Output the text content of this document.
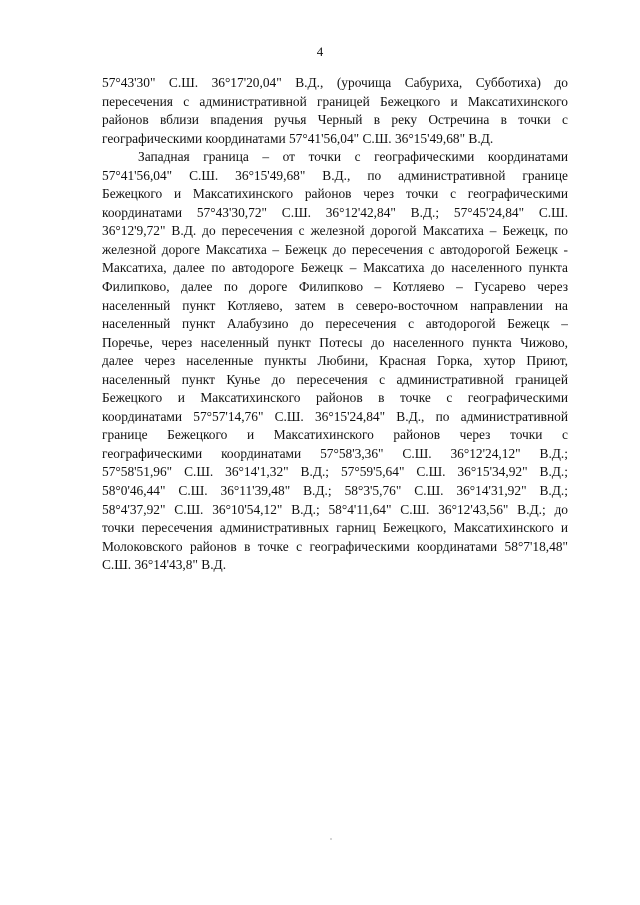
4
57°43'30" С.Ш. 36°17'20,04" В.Д., (урочища Сабуриха, Субботиха) до
пересечения с административной границей Бежецкого и Максатихинского
районов вблизи впадения ручья Черный в реку Остречина в точки с
географическими координатами 57°41'56,04" С.Ш. 36°15'49,68" В.Д.
Западная граница – от точки с географическими координатами
57°41'56,04" С.Ш. 36°15'49,68" В.Д., по административной границе
Бежецкого и Максатихинского районов через точки с географическими
координатами 57°43'30,72" С.Ш. 36°12'42,84" В.Д.; 57°45'24,84" С.Ш.
36°12'9,72" В.Д. до пересечения с железной дорогой Максатиха – Бежецк, по
железной дороге Максатиха – Бежецк до пересечения с автодорогой Бежецк -
Максатиха, далее по автодороге Бежецк – Максатиха до населенного пункта
Филипково, далее по дороге Филипково – Котляево – Гусарево через
населенный пункт Котляево, затем в северо-восточном направлении на
населенный пункт Алабузино до пересечения с автодорогой Бежецк –
Поречье, через населенный пункт Потесы до населенного пункта Чижово,
далее через населенные пункты Любини, Красная Горка, хутор Приют,
населенный пункт Кунье до пересечения с административной границей
Бежецкого и Максатихинского районов в точке с географическими
координатами 57°57'14,76" С.Ш. 36°15'24,84" В.Д., по административной
границе Бежецкого и Максатихинского районов через точки с
географическими координатами 57°58'3,36" С.Ш. 36°12'24,12" В.Д.;
57°58'51,96" С.Ш. 36°14'1,32" В.Д.; 57°59'5,64" С.Ш. 36°15'34,92" В.Д.;
58°0'46,44" С.Ш. 36°11'39,48" В.Д.; 58°3'5,76" С.Ш. 36°14'31,92" В.Д.;
58°4'37,92" С.Ш. 36°10'54,12" В.Д.; 58°4'11,64" С.Ш. 36°12'43,56" В.Д.; до
точки пересечения административных гарниц Бежецкого, Максатихинского и
Молоковского районов в точке с географическими координатами 58°7'18,48"
С.Ш. 36°14'43,8" В.Д.
